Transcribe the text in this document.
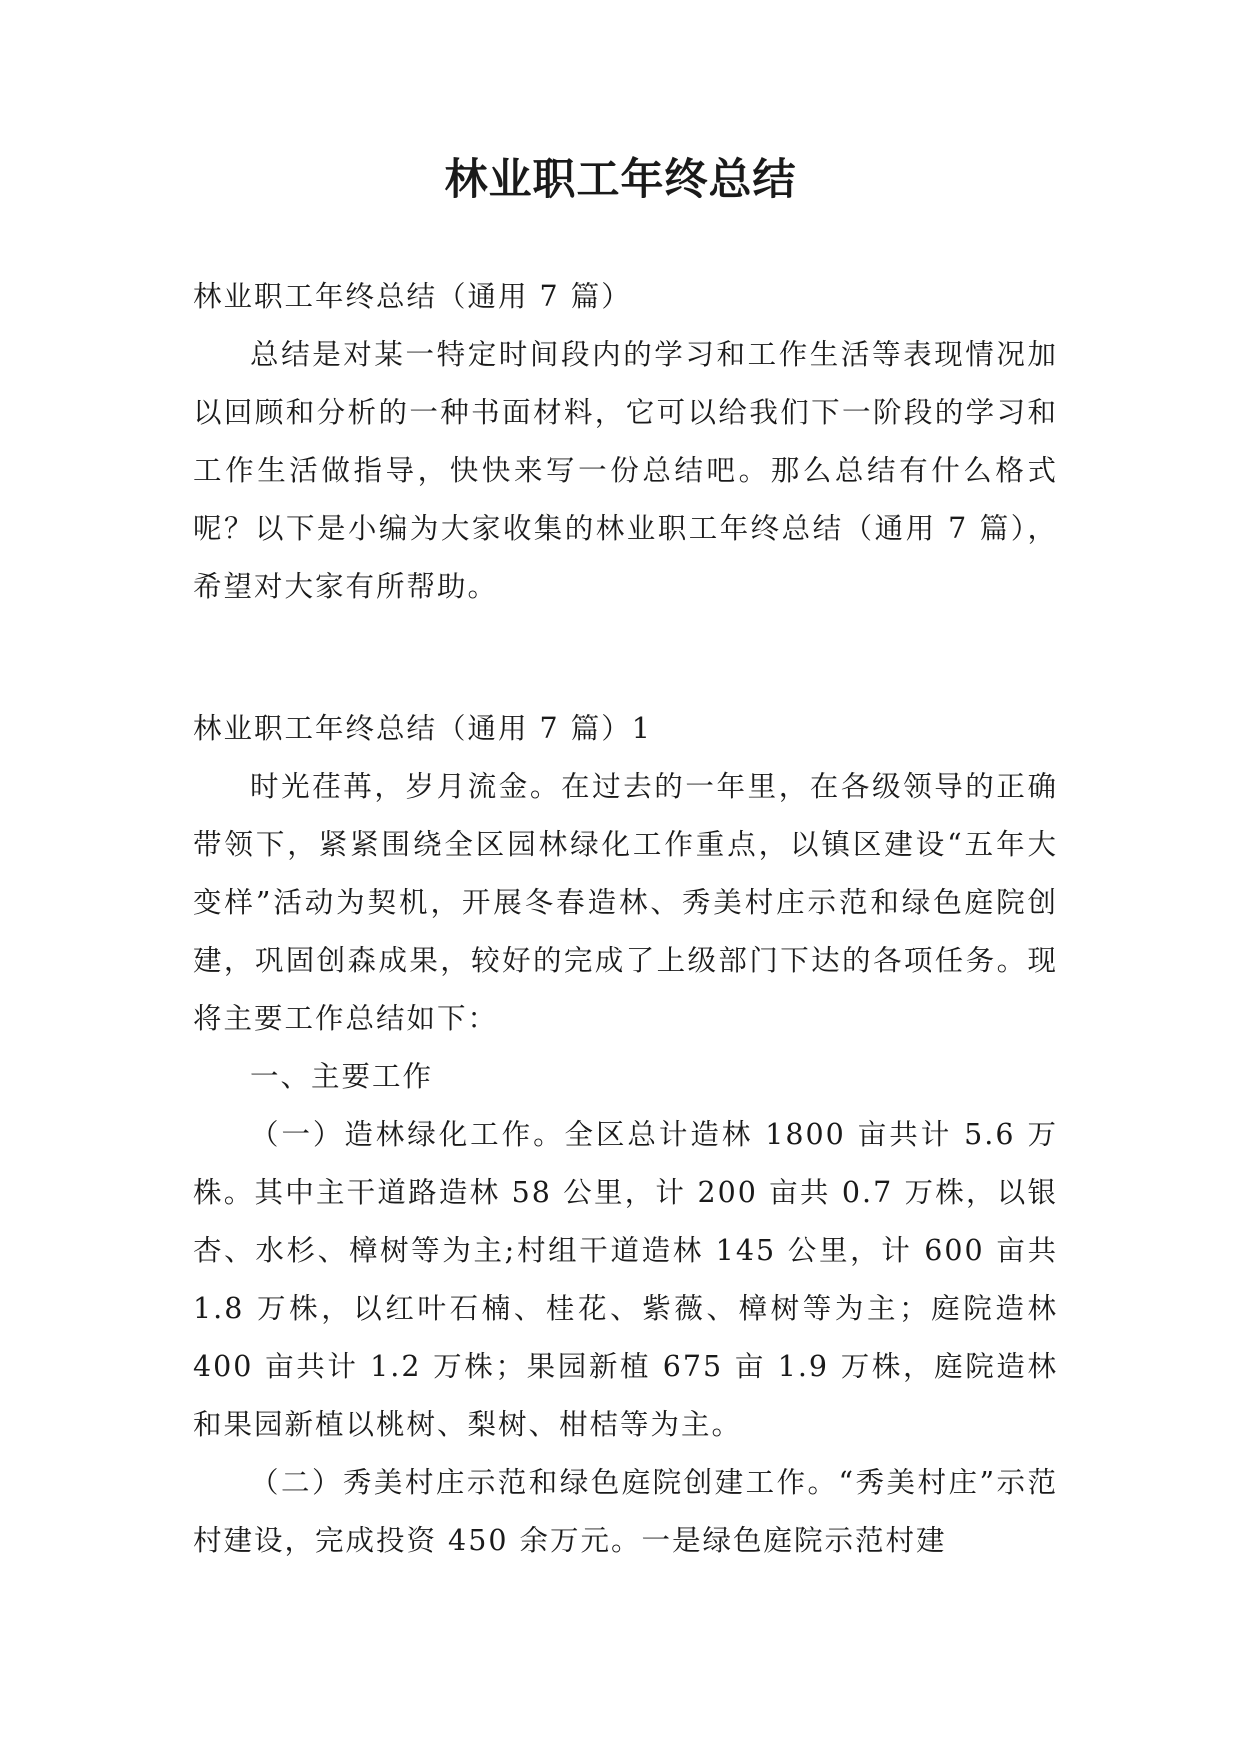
林业职工年终总结

林业职工年终总结（通用 7 篇）

总结是对某一特定时间段内的学习和工作生活等表现情况加以回顾和分析的一种书面材料，它可以给我们下一阶段的学习和工作生活做指导，快快来写一份总结吧。那么总结有什么格式呢？以下是小编为大家收集的林业职工年终总结（通用 7 篇），希望对大家有所帮助。

林业职工年终总结（通用 7 篇）1

时光荏苒，岁月流金。在过去的一年里，在各级领导的正确带领下，紧紧围绕全区园林绿化工作重点，以镇区建设“五年大变样”活动为契机，开展冬春造林、秀美村庄示范和绿色庭院创建，巩固创森成果，较好的完成了上级部门下达的各项任务。现将主要工作总结如下：

一、主要工作

（一）造林绿化工作。全区总计造林 1800 亩共计 5.6 万株。其中主干道路造林 58 公里，计 200 亩共 0.7 万株，以银杏、水杉、樟树等为主;村组干道造林 145 公里，计 600 亩共 1.8 万株，以红叶石楠、桂花、紫薇、樟树等为主；庭院造林 400 亩共计 1.2 万株；果园新植 675 亩 1.9 万株，庭院造林和果园新植以桃树、梨树、柑桔等为主。

（二）秀美村庄示范和绿色庭院创建工作。“秀美村庄”示范村建设，完成投资 450 余万元。一是绿色庭院示范村建
